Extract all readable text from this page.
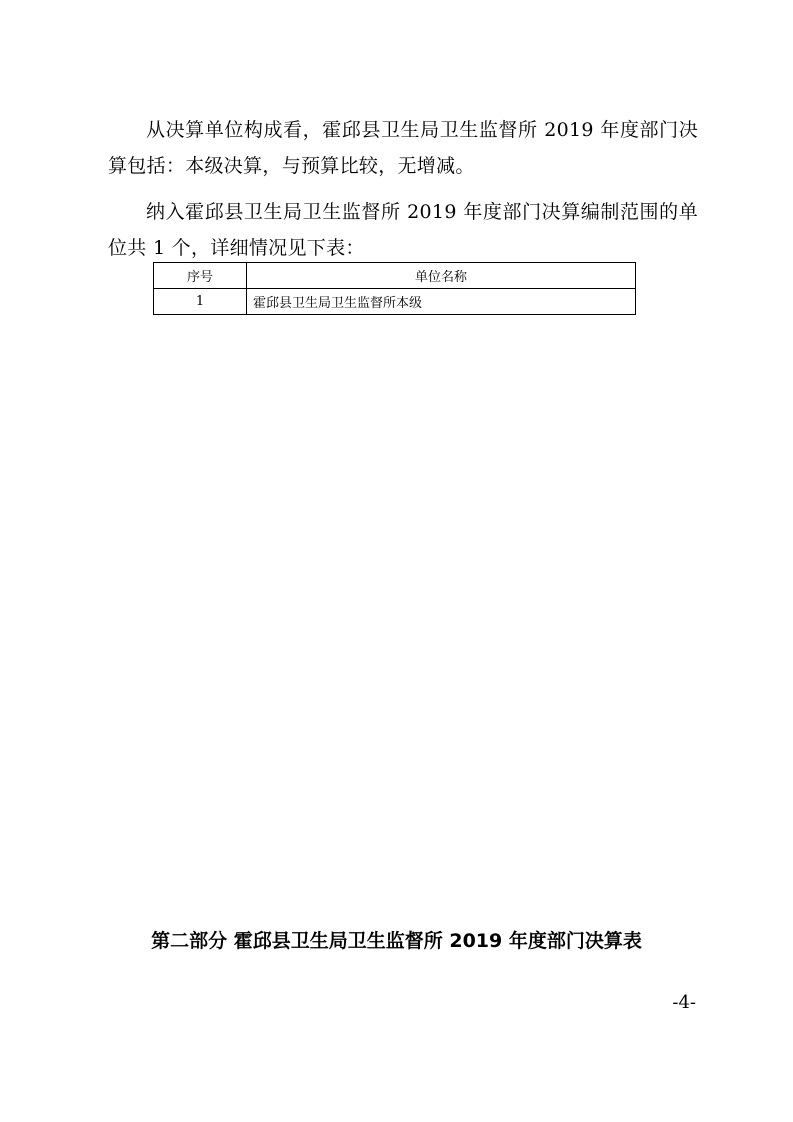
从决算单位构成看，霍邱县卫生局卫生监督所 2019 年度部门决算包括：本级决算，与预算比较，无增减。

纳入霍邱县卫生局卫生监督所 2019 年度部门决算编制范围的单位共 1 个，详细情况见下表：

序号	单位名称
1	霍邱县卫生局卫生监督所本级

第二部分 霍邱县卫生局卫生监督所 2019 年度部门决算表

-4-
